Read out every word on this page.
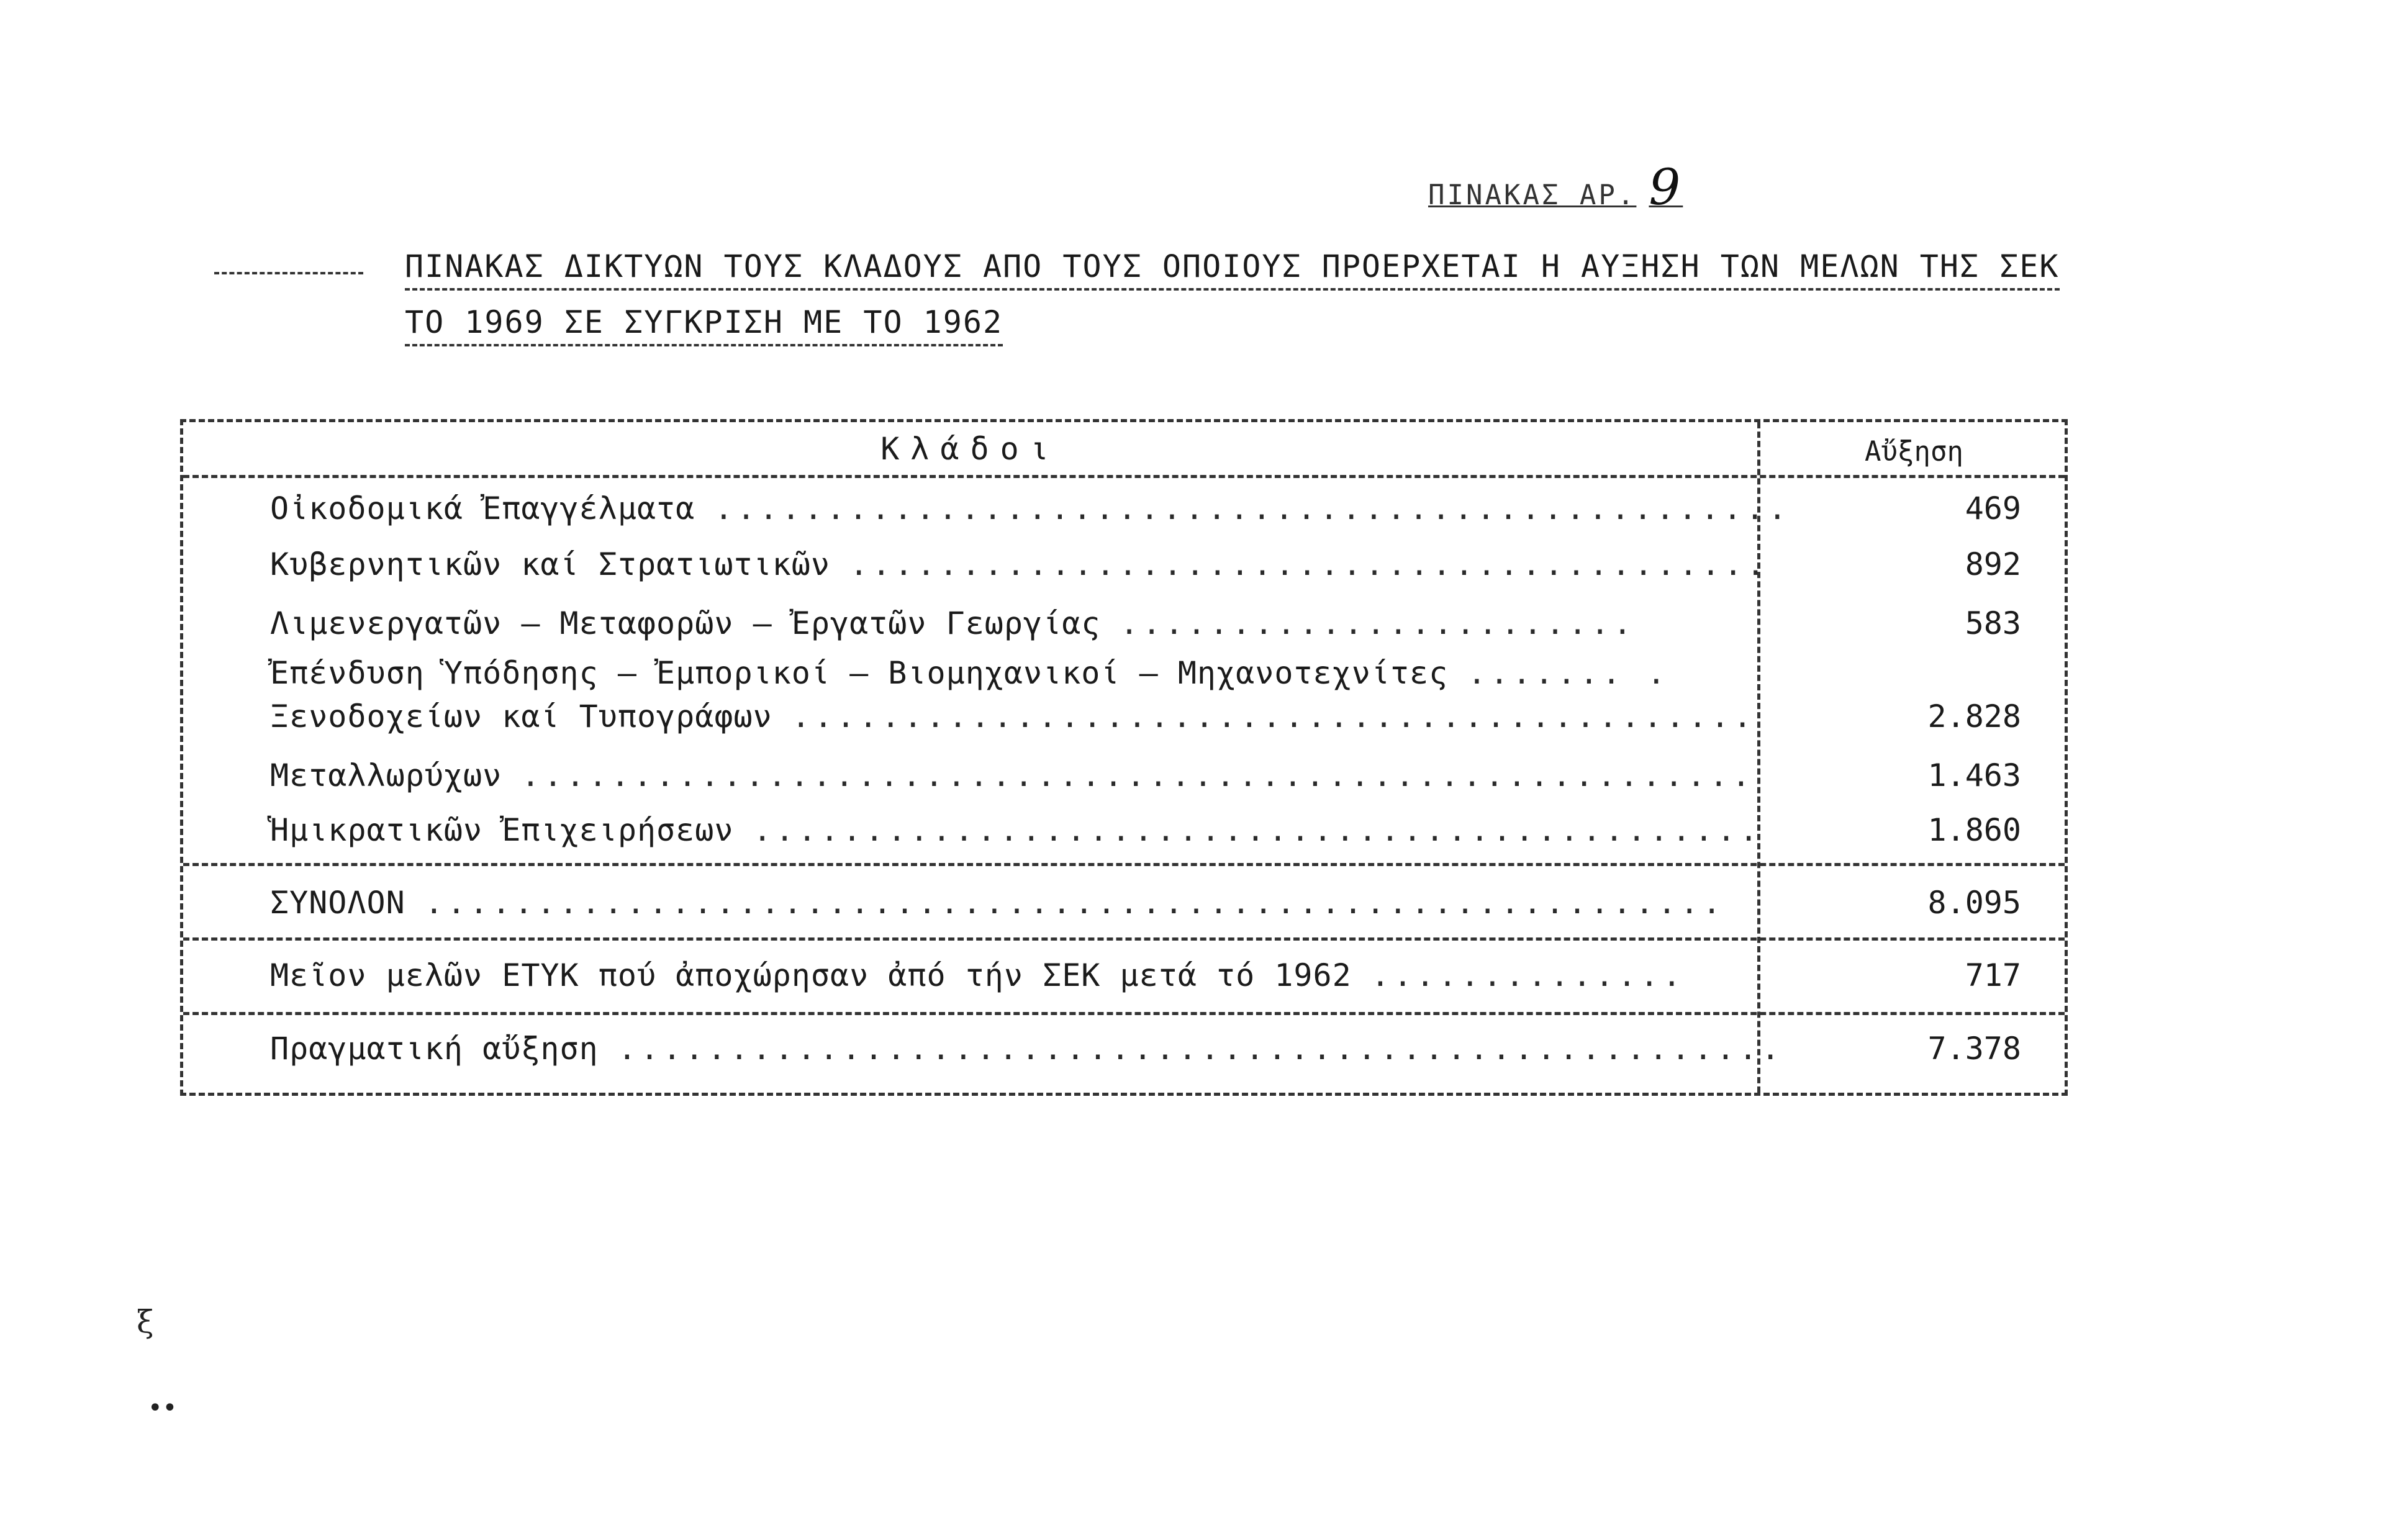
ΠΙΝΑΚΑΣ ΑΡ. 9
ΠΙΝΑΚΑΣ ΔΙΚΤΥΩΝ ΤΟΥΣ ΚΛΑΔΟΥΣ ΑΠΟ ΤΟΥΣ ΟΠΟΙΟΥΣ ΠΡΟΕΡΧΕΤΑΙ Η ΑΥΞΗΣΗ ΤΩΝ ΜΕΛΩΝ ΤΗΣ ΣΕΚ
ΤΟ 1969 ΣΕ ΣΥΓΚΡΙΣΗ ΜΕ ΤΟ 1962
Κλάδοι	Αὔξηση
Οἰκοδομικά Ἐπαγγέλματα ................................................	469
Κυβερνητικῶν καί Στρατιωτικῶν .........................................	892
Λιμενεργατῶν – Μεταφορῶν – Ἐργατῶν Γεωργίας .......................	583
Ἐπένδυση Ὑπόδησης – Ἐμπορικοί – Βιομηχανικοί – Μηχανοτεχνίτες ....... .
Ξενοδοχείων καί Τυπογράφων ...........................................	2.828
Μεταλλωρύχων .......................................................	1.463
Ἡμικρατικῶν Ἐπιχειρήσεων .............................................	1.860
ΣΥΝΟΛΟΝ ..........................................................	8.095
Μεῖον μελῶν ΕΤΥΚ πού ἀποχώρησαν ἀπό τήν ΣΕΚ μετά τό 1962 ..............	717
Πραγματική αὔξηση ....................................................	7.378
ξ
••
